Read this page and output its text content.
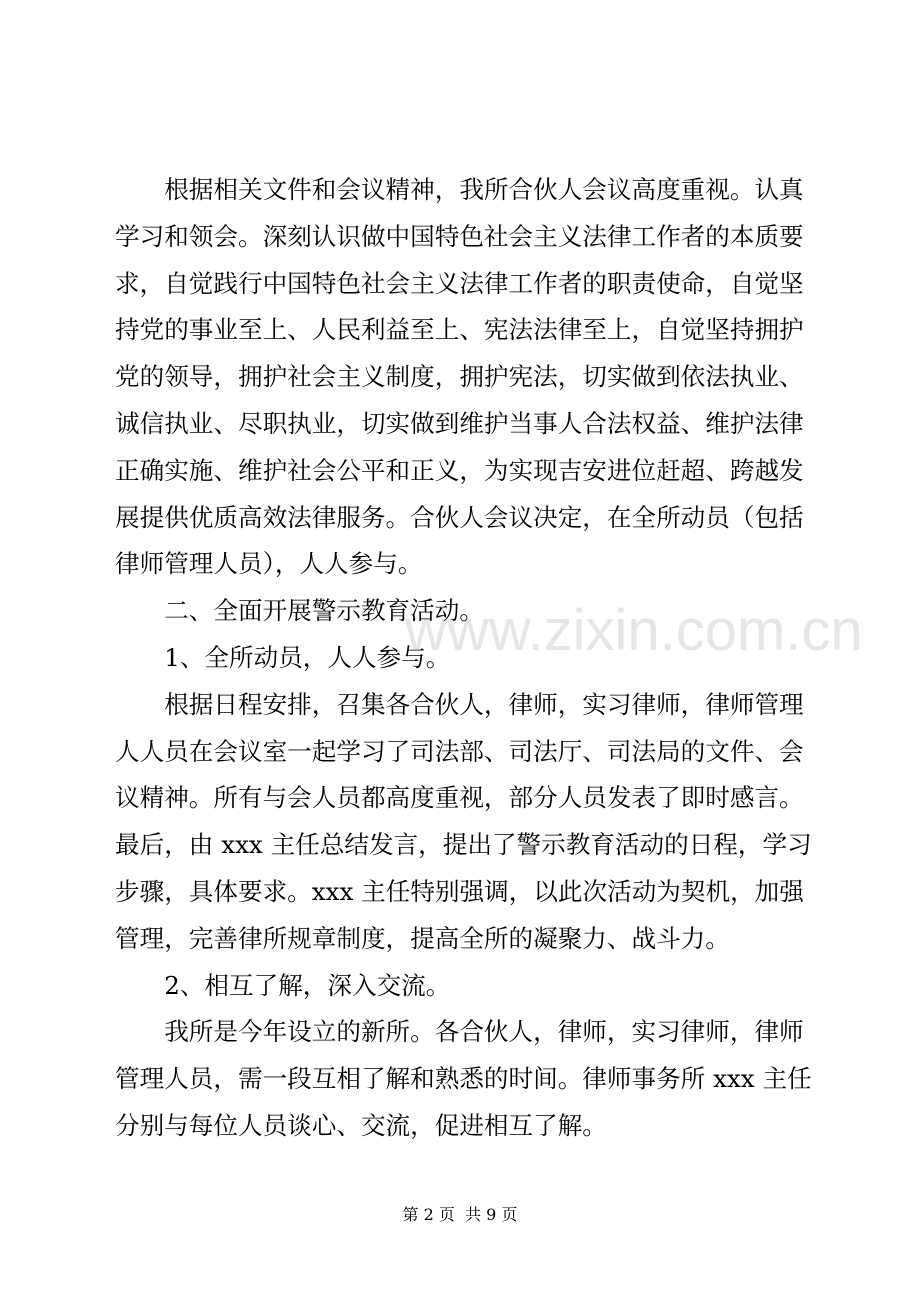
www.zixin.com.cn
　　根据相关文件和会议精神，我所合伙人会议高度重视。认真
学习和领会。深刻认识做中国特色社会主义法律工作者的本质要
求，自觉践行中国特色社会主义法律工作者的职责使命，自觉坚
持党的事业至上、人民利益至上、宪法法律至上，自觉坚持拥护
党的领导，拥护社会主义制度，拥护宪法，切实做到依法执业、
诚信执业、尽职执业，切实做到维护当事人合法权益、维护法律
正确实施、维护社会公平和正义，为实现吉安进位赶超、跨越发
展提供优质高效法律服务。合伙人会议决定，在全所动员（包括
律师管理人员），人人参与。
　　二、全面开展警示教育活动。
　　1、全所动员，人人参与。
　　根据日程安排，召集各合伙人，律师，实习律师，律师管理
人人员在会议室一起学习了司法部、司法厅、司法局的文件、会
议精神。所有与会人员都高度重视，部分人员发表了即时感言。
最后，由 xxx 主任总结发言，提出了警示教育活动的日程，学习
步骤，具体要求。xxx 主任特别强调，以此次活动为契机，加强
管理，完善律所规章制度，提高全所的凝聚力、战斗力。
　　2、相互了解，深入交流。
　　我所是今年设立的新所。各合伙人，律师，实习律师，律师
管理人员，需一段互相了解和熟悉的时间。律师事务所 xxx 主任
分别与每位人员谈心、交流，促进相互了解。
第 2 页  共 9 页
